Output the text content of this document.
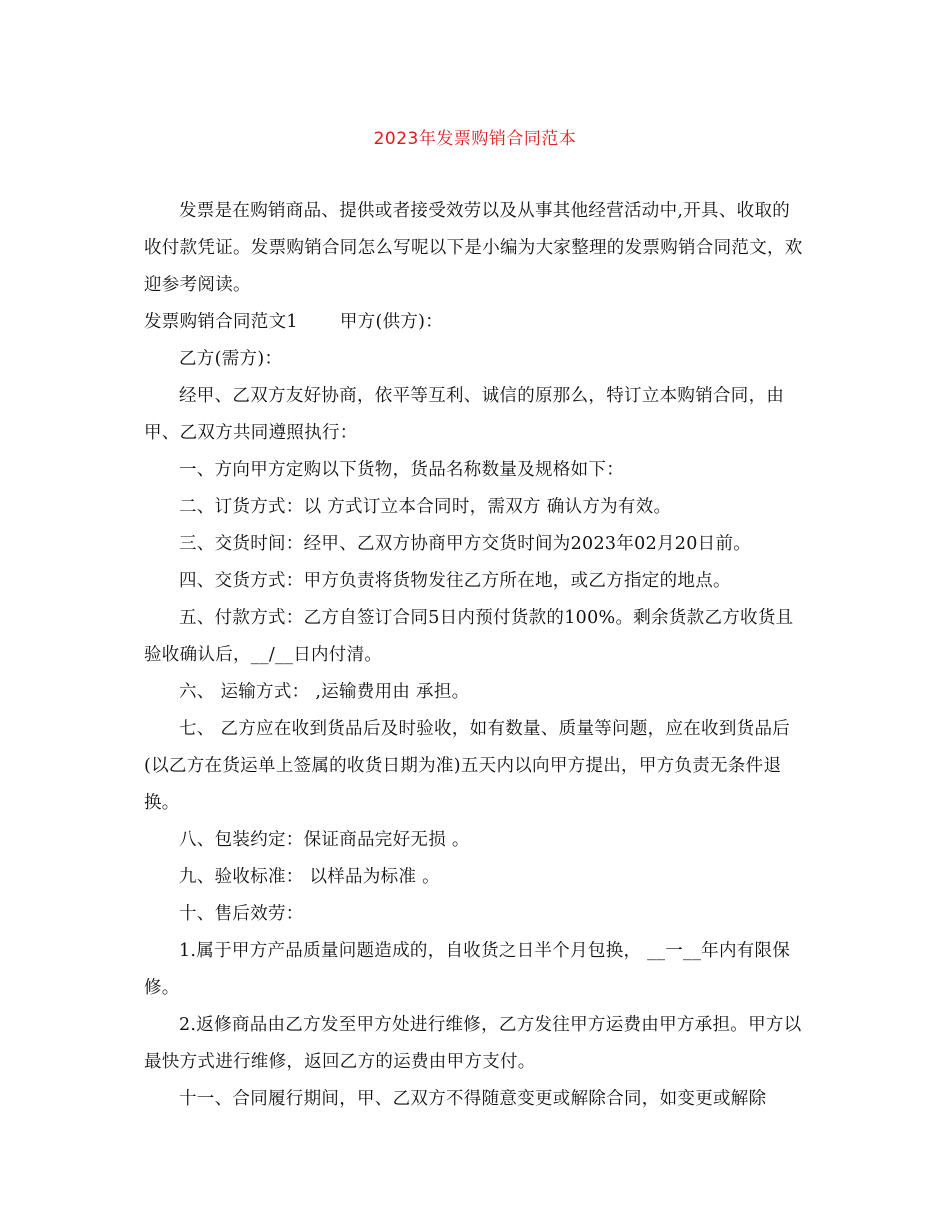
2023年发票购销合同范本

发票是在购销商品、提供或者接受效劳以及从事其他经营活动中,开具、收取的收付款凭证。发票购销合同怎么写呢以下是小编为大家整理的发票购销合同范文，欢迎参考阅读。

发票购销合同范文1 甲方(供方)：

乙方(需方)：

经甲、乙双方友好协商，依平等互利、诚信的原那么，特订立本购销合同，由甲、乙双方共同遵照执行：

一、方向甲方定购以下货物，货品名称数量及规格如下：

二、订货方式：以 方式订立本合同时，需双方 确认方为有效。

三、交货时间：经甲、乙双方协商甲方交货时间为2023年02月20日前。

四、交货方式：甲方负责将货物发往乙方所在地，或乙方指定的地点。

五、付款方式：乙方自签订合同5日内预付货款的100%。剩余货款乙方收货且验收确认后，__/__日内付清。

六、 运输方式： ,运输费用由 承担。

七、 乙方应在收到货品后及时验收，如有数量、质量等问题，应在收到货品后(以乙方在货运单上签属的收货日期为准)五天内以向甲方提出，甲方负责无条件退换。

八、包装约定：保证商品完好无损 。

九、验收标准： 以样品为标准 。

十、售后效劳：

1.属于甲方产品质量问题造成的，自收货之日半个月包换， __一__年内有限保修。

2.返修商品由乙方发至甲方处进行维修，乙方发往甲方运费由甲方承担。甲方以最快方式进行维修，返回乙方的运费由甲方支付。

十一、合同履行期间，甲、乙双方不得随意变更或解除合同，如变更或解除
